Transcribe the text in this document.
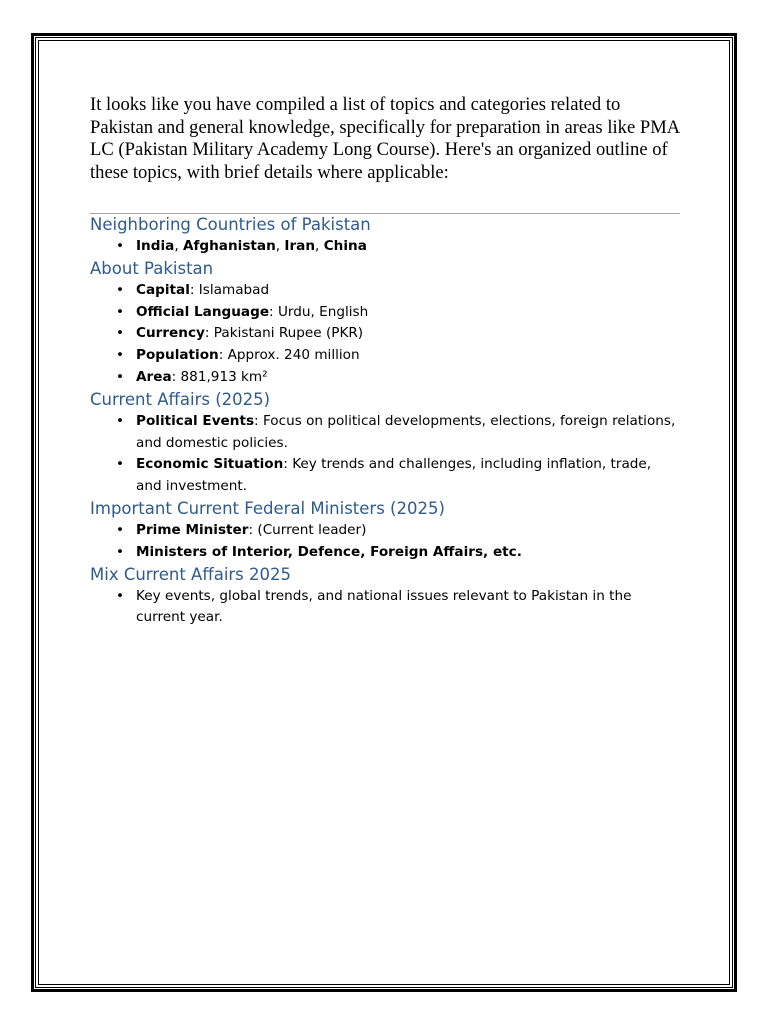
It looks like you have compiled a list of topics and categories related to Pakistan and general knowledge, specifically for preparation in areas like PMA LC (Pakistan Military Academy Long Course). Here's an organized outline of these topics, with brief details where applicable:

Neighboring Countries of Pakistan
• India, Afghanistan, Iran, China
About Pakistan
• Capital: Islamabad
• Official Language: Urdu, English
• Currency: Pakistani Rupee (PKR)
• Population: Approx. 240 million
• Area: 881,913 km²
Current Affairs (2025)
• Political Events: Focus on political developments, elections, foreign relations, and domestic policies.
• Economic Situation: Key trends and challenges, including inflation, trade, and investment.
Important Current Federal Ministers (2025)
• Prime Minister: (Current leader)
• Ministers of Interior, Defence, Foreign Affairs, etc.
Mix Current Affairs 2025
• Key events, global trends, and national issues relevant to Pakistan in the current year.
